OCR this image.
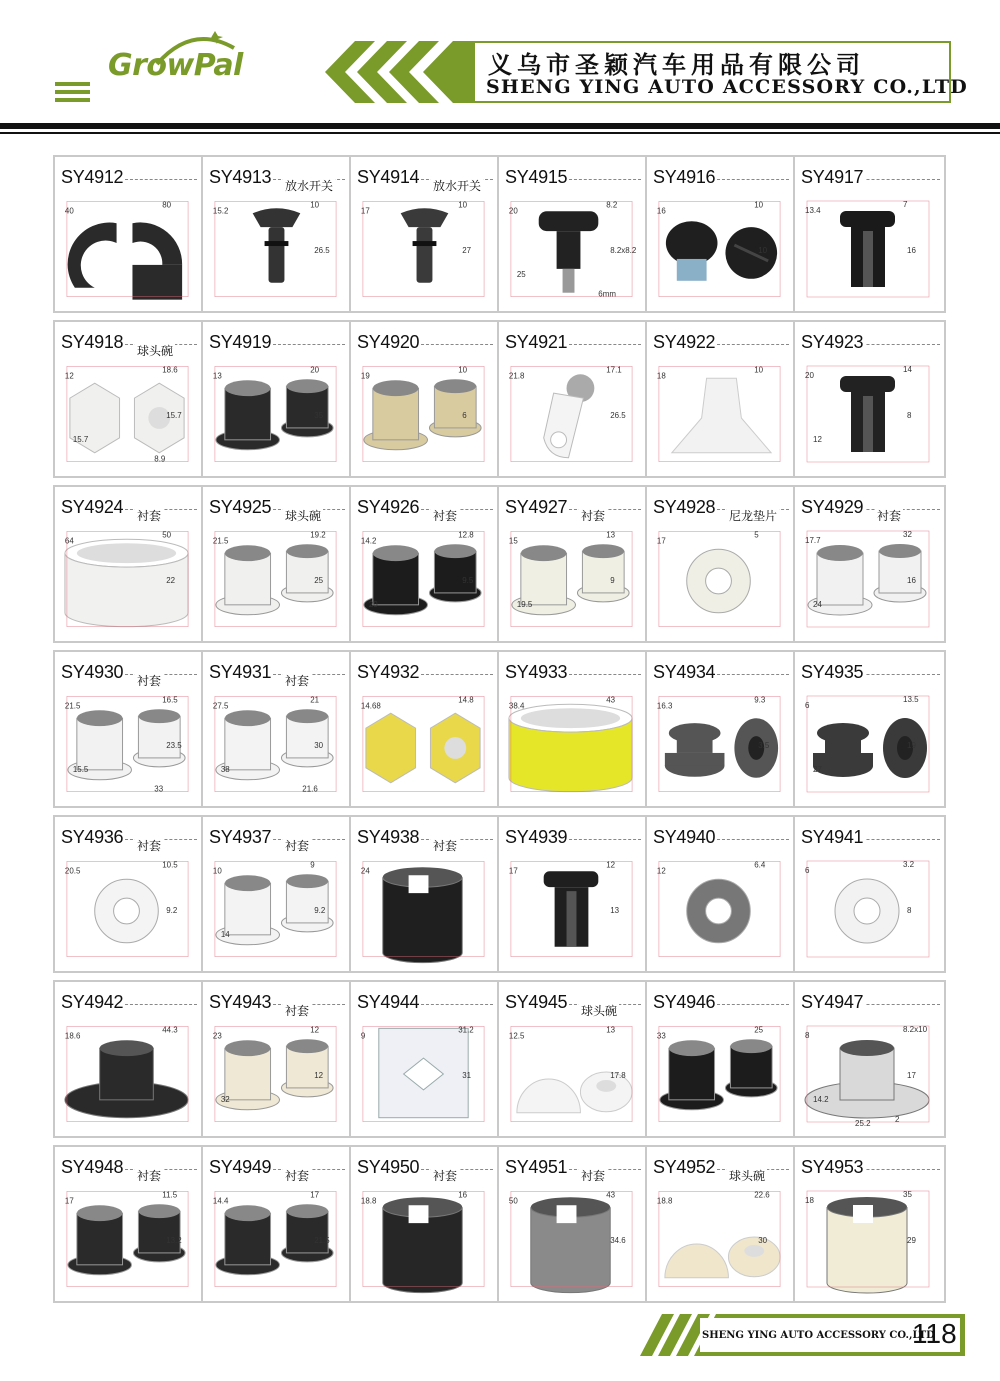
GrowPal	义乌市圣颖汽车用品有限公司
SHENG YING AUTO ACCESSORY CO.,LTD
SY4912
40
80
SY4913 放水开关
15.2
10
26.5
SY4914 放水开关
17
10
27
SY4915
20
8.2
8.2x8.2
25
6mm
SY4916
16
10
10
SY4917
13.4
7
16
SY4918 球头碗
12
18.6
15.7
15.7
8.9
SY4919
13
20
35
SY4920
19
10
6
SY4921
21.8
17.1
26.5
SY4922
18
10
SY4923
20
14
8
12
SY4924 衬套
64
50
22
SY4925 球头碗
21.5
19.2
25
SY4926 衬套
14.2
12.8
9.5
20
SY4927 衬套
15
13
9
19.5
SY4928 尼龙垫片
17
5
SY4929 衬套
17.7
32
16
24
SY4930 衬套
21.5
16.5
23.5
15.5
33
SY4931 衬套
27.5
21
30
38
21.6
SY4932
14.68
14.8
SY4933
38.4
43
SY4934
16.3
9.3
3.5
SY4935
6
13.5
19
27
SY4936 衬套
20.5
10.5
9.2
SY4937 衬套
10
9
9.2
14
SY4938 衬套
24
SY4939
17
12
13
SY4940
12
6.4
SY4941
6
3.2
8
SY4942
18.6
44.3
SY4943 衬套
23
12
12
32
SY4944
9
31.2
31
SY4945 球头碗
12.5
13
17.8
SY4946
33
25
SY4947
8
8.2x10
17
14.2
2
25.2
SY4948 衬套
17
11.5
13.2
SY4949 衬套
14.4
17
21.5
SY4950 衬套
18.8
16
SY4951 衬套
50
43
34.6
SY4952 球头碗
18.8
22.6
30
SY4953
18
35
29
SHENG YING AUTO ACCESSORY CO.,LTD
118
